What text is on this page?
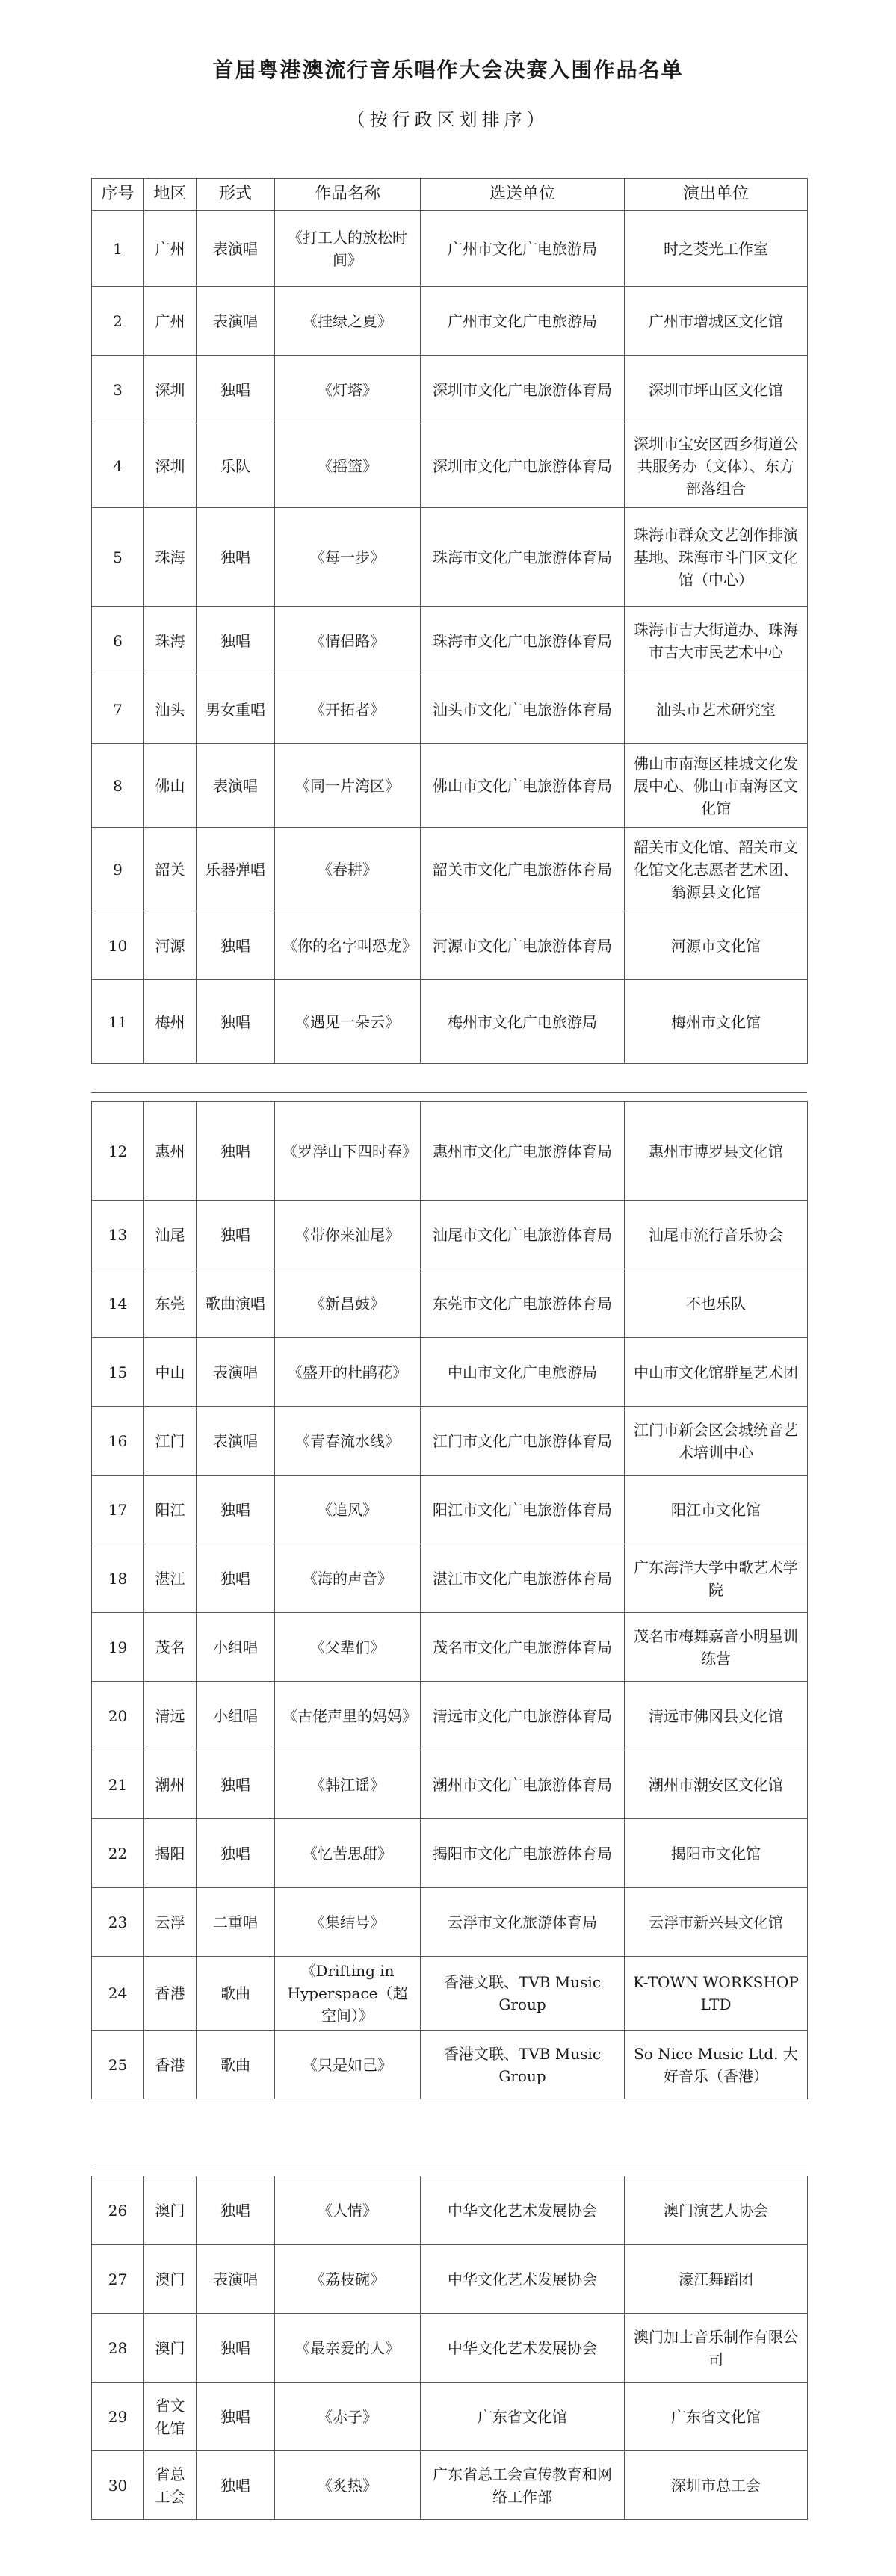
首届粤港澳流行音乐唱作大会决赛入围作品名单
（按行政区划排序）
序号	地区	形式	作品名称	选送单位	演出单位
1	广州	表演唱	《打工人的放松时间》	广州市文化广电旅游局	时之茭光工作室
2	广州	表演唱	《挂绿之夏》	广州市文化广电旅游局	广州市增城区文化馆
3	深圳	独唱	《灯塔》	深圳市文化广电旅游体育局	深圳市坪山区文化馆
4	深圳	乐队	《摇篮》	深圳市文化广电旅游体育局	深圳市宝安区西乡街道公共服务办（文体）、东方部落组合
5	珠海	独唱	《每一步》	珠海市文化广电旅游体育局	珠海市群众文艺创作排演基地、珠海市斗门区文化馆（中心）
6	珠海	独唱	《情侣路》	珠海市文化广电旅游体育局	珠海市吉大街道办、珠海市吉大市民艺术中心
7	汕头	男女重唱	《开拓者》	汕头市文化广电旅游体育局	汕头市艺术研究室
8	佛山	表演唱	《同一片湾区》	佛山市文化广电旅游体育局	佛山市南海区桂城文化发展中心、佛山市南海区文化馆
9	韶关	乐器弹唱	《春耕》	韶关市文化广电旅游体育局	韶关市文化馆、韶关市文化馆文化志愿者艺术团、翁源县文化馆
10	河源	独唱	《你的名字叫恐龙》	河源市文化广电旅游体育局	河源市文化馆
11	梅州	独唱	《遇见一朵云》	梅州市文化广电旅游局	梅州市文化馆
12	惠州	独唱	《罗浮山下四时春》	惠州市文化广电旅游体育局	惠州市博罗县文化馆
13	汕尾	独唱	《带你来汕尾》	汕尾市文化广电旅游体育局	汕尾市流行音乐协会
14	东莞	歌曲演唱	《新昌鼓》	东莞市文化广电旅游体育局	不也乐队
15	中山	表演唱	《盛开的杜鹃花》	中山市文化广电旅游局	中山市文化馆群星艺术团
16	江门	表演唱	《青春流水线》	江门市文化广电旅游体育局	江门市新会区会城统音艺术培训中心
17	阳江	独唱	《追风》	阳江市文化广电旅游体育局	阳江市文化馆
18	湛江	独唱	《海的声音》	湛江市文化广电旅游体育局	广东海洋大学中歌艺术学院
19	茂名	小组唱	《父辈们》	茂名市文化广电旅游体育局	茂名市梅舞嘉音小明星训练营
20	清远	小组唱	《古佬声里的妈妈》	清远市文化广电旅游体育局	清远市佛冈县文化馆
21	潮州	独唱	《韩江谣》	潮州市文化广电旅游体育局	潮州市潮安区文化馆
22	揭阳	独唱	《忆苦思甜》	揭阳市文化广电旅游体育局	揭阳市文化馆
23	云浮	二重唱	《集结号》	云浮市文化旅游体育局	云浮市新兴县文化馆
24	香港	歌曲	《Drifting in Hyperspace（超空间）》	香港文联、TVB Music Group	K-TOWN WORKSHOP LTD
25	香港	歌曲	《只是如己》	香港文联、TVB Music Group	So Nice Music Ltd. 大好音乐（香港）
26	澳门	独唱	《人情》	中华文化艺术发展协会	澳门演艺人协会
27	澳门	表演唱	《荔枝碗》	中华文化艺术发展协会	濠江舞蹈团
28	澳门	独唱	《最亲爱的人》	中华文化艺术发展协会	澳门加士音乐制作有限公司
29	省文化馆	独唱	《赤子》	广东省文化馆	广东省文化馆
30	省总工会	独唱	《炙热》	广东省总工会宣传教育和网络工作部	深圳市总工会
